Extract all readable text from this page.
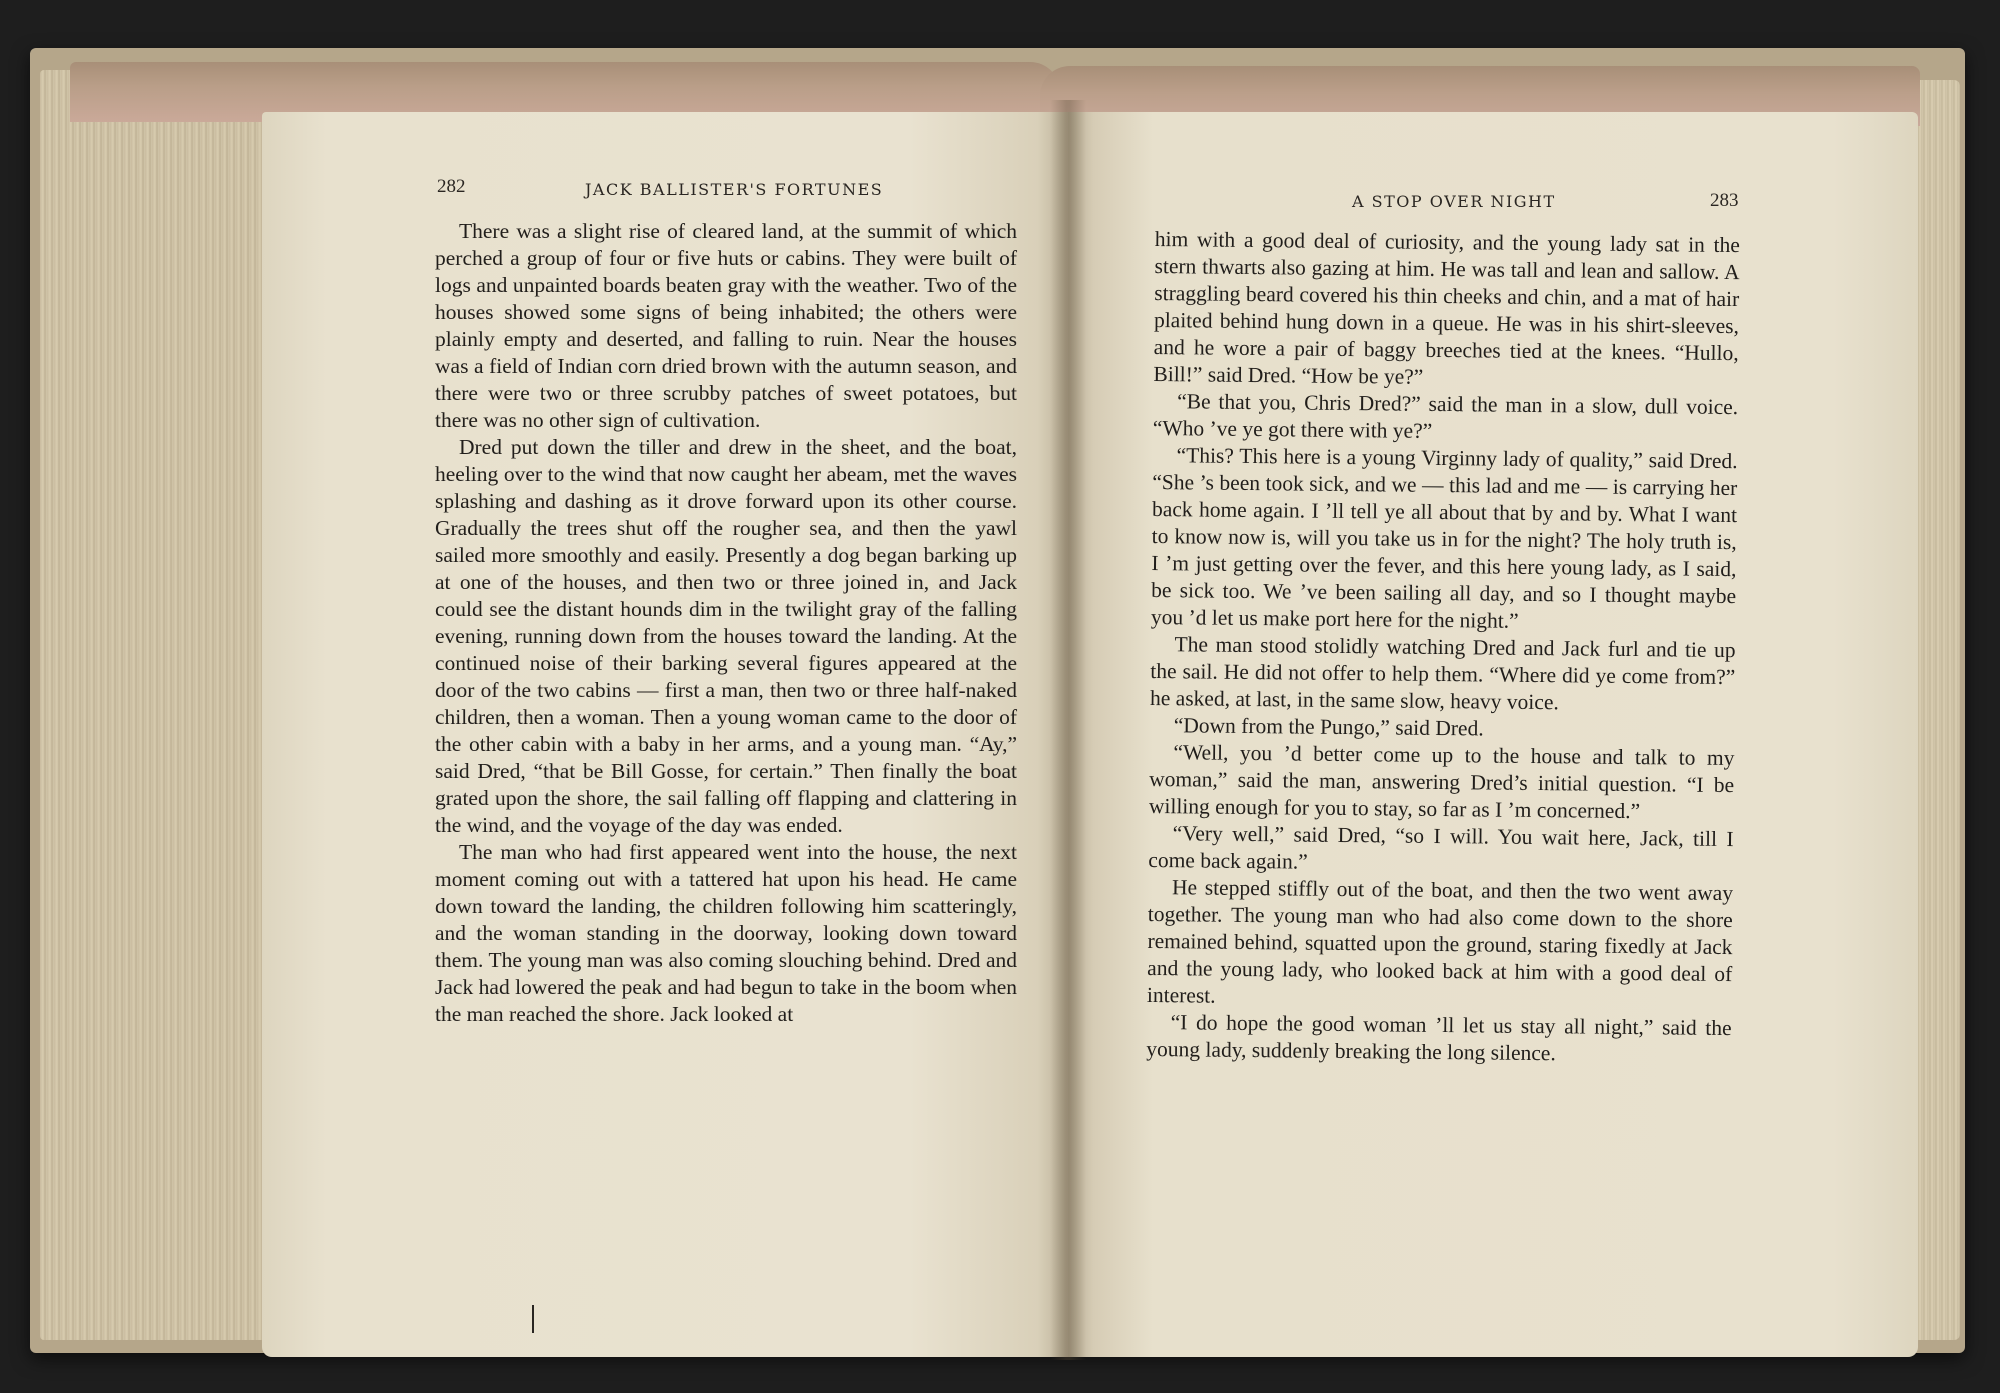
282	JACK BALLISTER'S FORTUNES

There was a slight rise of cleared land, at the summit of which perched a group of four or five huts or cabins. They were built of logs and unpainted boards beaten gray with the weather. Two of the houses showed some signs of being inhabited; the others were plainly empty and deserted, and falling to ruin. Near the houses was a field of Indian corn dried brown with the autumn season, and there were two or three scrubby patches of sweet potatoes, but there was no other sign of cultivation.

Dred put down the tiller and drew in the sheet, and the boat, heeling over to the wind that now caught her abeam, met the waves splashing and dashing as it drove forward upon its other course. Gradually the trees shut off the rougher sea, and then the yawl sailed more smoothly and easily. Presently a dog began barking up at one of the houses, and then two or three joined in, and Jack could see the distant hounds dim in the twilight gray of the falling evening, running down from the houses toward the landing. At the continued noise of their barking several figures appeared at the door of the two cabins — first a man, then two or three half-naked children, then a woman. Then a young woman came to the door of the other cabin with a baby in her arms, and a young man. “Ay,” said Dred, “that be Bill Gosse, for certain.” Then finally the boat grated upon the shore, the sail falling off flapping and clattering in the wind, and the voyage of the day was ended.

The man who had first appeared went into the house, the next moment coming out with a tattered hat upon his head. He came down toward the landing, the children following him scatteringly, and the woman standing in the doorway, looking down toward them. The young man was also coming slouching behind. Dred and Jack had lowered the peak and had begun to take in the boom when the man reached the shore. Jack looked at

A STOP OVER NIGHT	283

him with a good deal of curiosity, and the young lady sat in the stern thwarts also gazing at him. He was tall and lean and sallow. A straggling beard covered his thin cheeks and chin, and a mat of hair plaited behind hung down in a queue. He was in his shirt-sleeves, and he wore a pair of baggy breeches tied at the knees. “Hullo, Bill!” said Dred. “How be ye?”

“Be that you, Chris Dred?” said the man in a slow, dull voice. “Who ’ve ye got there with ye?”

“This? This here is a young Virginny lady of quality,” said Dred. “She ’s been took sick, and we — this lad and me — is carrying her back home again. I ’ll tell ye all about that by and by. What I want to know now is, will you take us in for the night? The holy truth is, I ’m just getting over the fever, and this here young lady, as I said, be sick too. We ’ve been sailing all day, and so I thought maybe you ’d let us make port here for the night.”

The man stood stolidly watching Dred and Jack furl and tie up the sail. He did not offer to help them. “Where did ye come from?” he asked, at last, in the same slow, heavy voice.

“Down from the Pungo,” said Dred.

“Well, you ’d better come up to the house and talk to my woman,” said the man, answering Dred’s initial question. “I be willing enough for you to stay, so far as I ’m concerned.”

“Very well,” said Dred, “so I will. You wait here, Jack, till I come back again.”

He stepped stiffly out of the boat, and then the two went away together. The young man who had also come down to the shore remained behind, squatted upon the ground, staring fixedly at Jack and the young lady, who looked back at him with a good deal of interest.

“I do hope the good woman ’ll let us stay all night,” said the young lady, suddenly breaking the long silence.
